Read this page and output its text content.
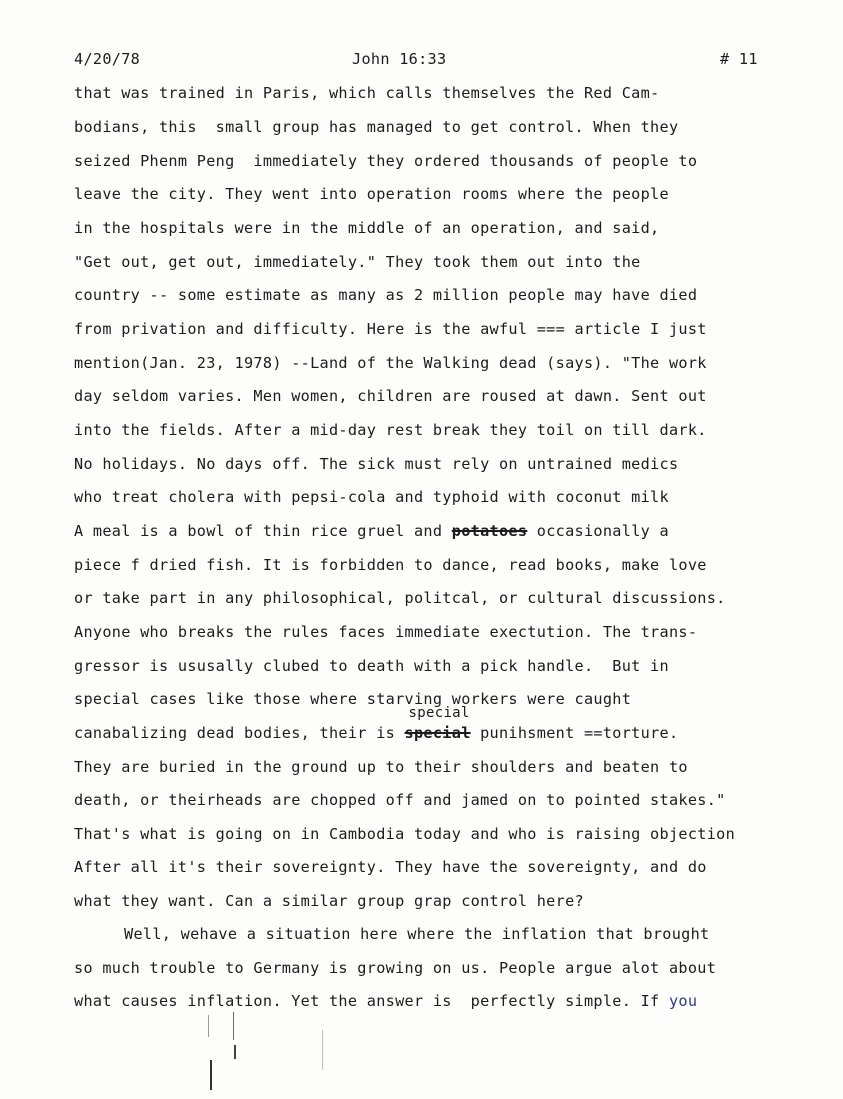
4/20/78	John 16:33	# 11
that was trained in Paris, which calls themselves the Red Cam-
bodians, this  small group has managed to get control. When they
seized Phenm Peng  immediately they ordered thousands of people to
leave the city. They went into operation rooms where the people
in the hospitals were in the middle of an operation, and said,
"Get out, get out, immediately." They took them out into the
country -- some estimate as many as 2 million people may have died
from privation and difficulty. Here is the awful === article I just
mention(Jan. 23, 1978) --Land of the Walking dead (says). "The work
day seldom varies. Men women, children are roused at dawn. Sent out
into the fields. After a mid-day rest break they toil on till dark.
No holidays. No days off. The sick must rely on untrained medics
who treat cholera with pepsi-cola and typhoid with coconut milk
A meal is a bowl of thin rice gruel and potatoes occasionally a
piece f dried fish. It is forbidden to dance, read books, make love
or take part in any philosophical, politcal, or cultural discussions.
Anyone who breaks the rules faces immediate exectution. The trans-
gressor is ususally clubed to death with a pick handle.  But in
special cases like those where starving workers were caught
canabalizing dead bodies, their is
special
special punihsment ==torture.
They are buried in the ground up to their shoulders and beaten to
death, or theirheads are chopped off and jamed on to pointed stakes."
That's what is going on in Cambodia today and who is raising objection
After all it's their sovereignty. They have the sovereignty, and do
what they want. Can a similar group grap control here?
Well, wehave a situation here where the inflation that brought
so much trouble to Germany is growing on us. People argue alot about
what causes inflation. Yet the answer is  perfectly simple. If you
